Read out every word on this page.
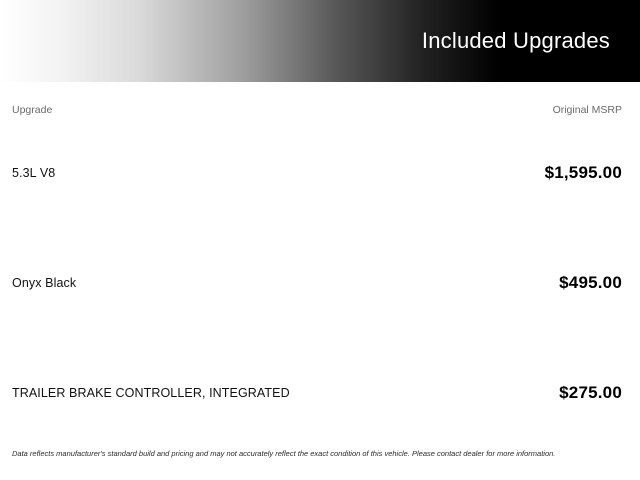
Included Upgrades
Upgrade	Original MSRP
5.3L V8	$1,595.00
Onyx Black	$495.00
TRAILER BRAKE CONTROLLER, INTEGRATED	$275.00
Data reflects manufacturer's standard build and pricing and may not accurately reflect the exact condition of this vehicle. Please contact dealer for more information.
